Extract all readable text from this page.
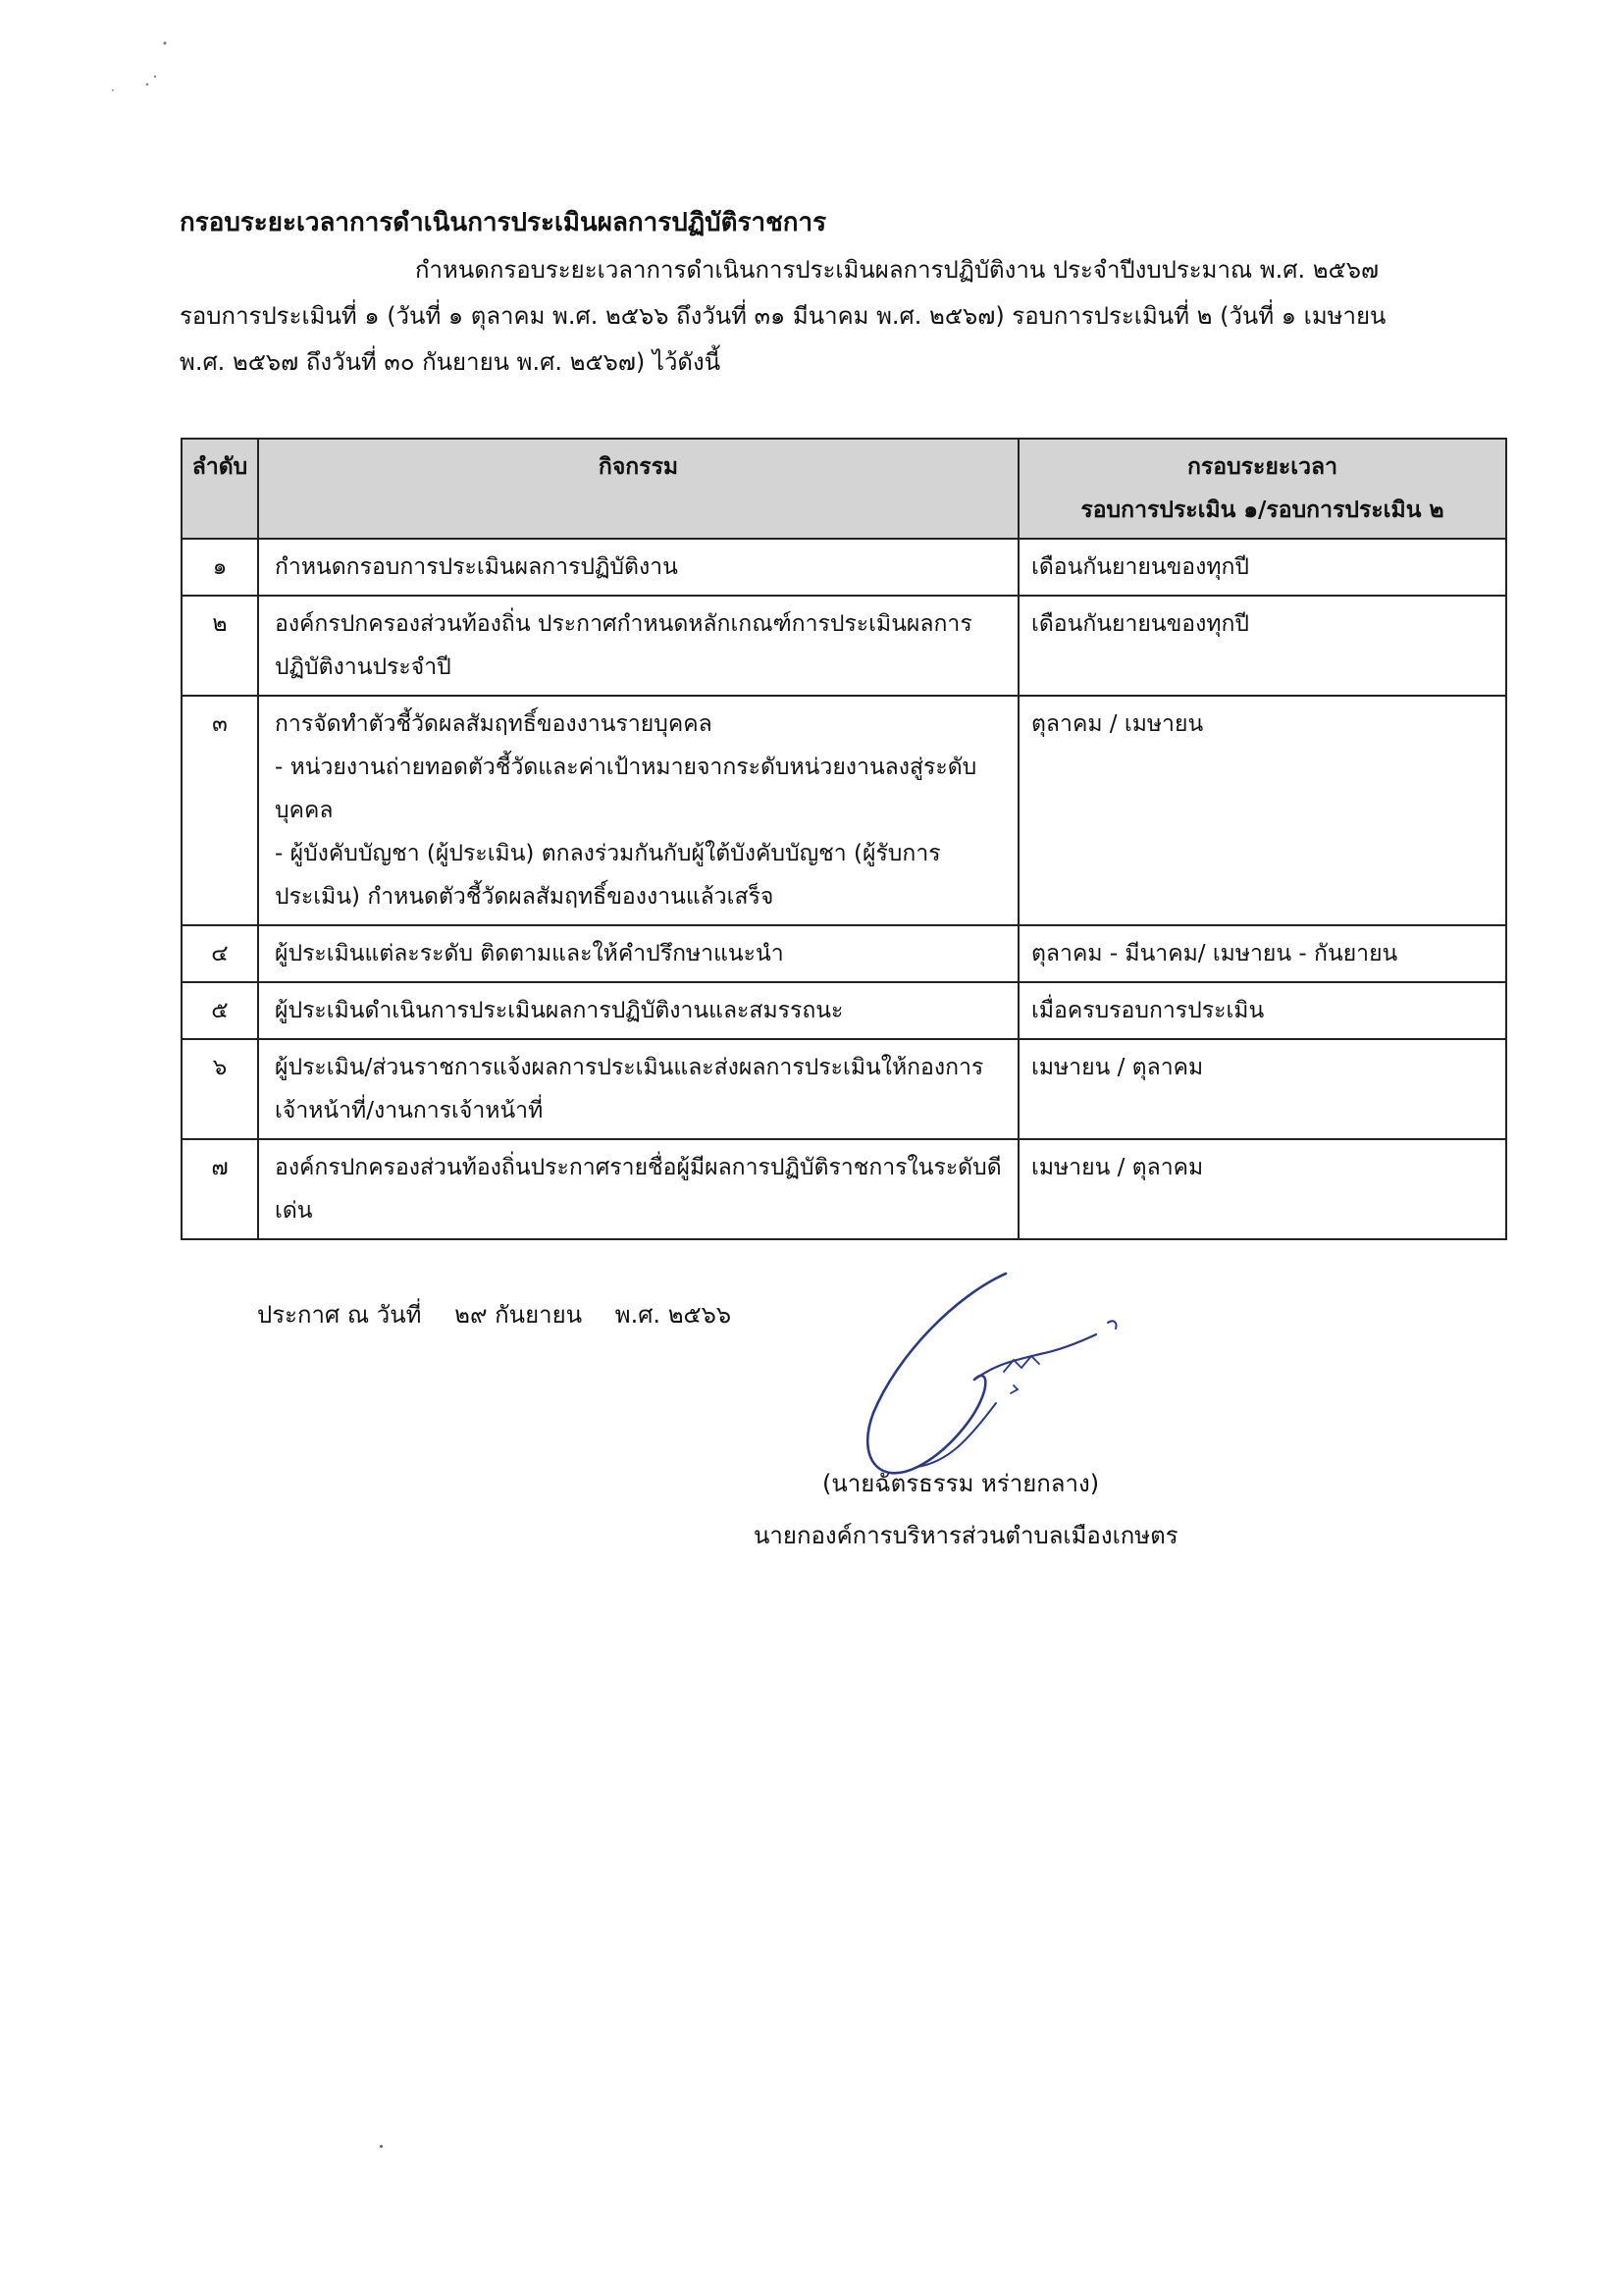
กรอบระยะเวลาการดำเนินการประเมินผลการปฏิบัติราชการ

กำหนดกรอบระยะเวลาการดำเนินการประเมินผลการปฏิบัติงาน ประจำปีงบประมาณ พ.ศ. ๒๕๖๗ รอบการประเมินที่ ๑ (วันที่ ๑ ตุลาคม พ.ศ. ๒๕๖๖ ถึงวันที่ ๓๑ มีนาคม พ.ศ. ๒๕๖๗) รอบการประเมินที่ ๒ (วันที่ ๑ เมษายน พ.ศ. ๒๕๖๗ ถึงวันที่ ๓๐ กันยายน พ.ศ. ๒๕๖๗) ไว้ดังนี้

ลำดับ	กิจกรรม	กรอบระยะเวลา
รอบการประเมิน ๑/รอบการประเมิน ๒

๑	กำหนดกรอบการประเมินผลการปฏิบัติงาน	เดือนกันยายนของทุกปี
๒	องค์กรปกครองส่วนท้องถิ่น ประกาศกำหนดหลักเกณฑ์การประเมินผลการปฏิบัติงานประจำปี	เดือนกันยายนของทุกปี
๓	การจัดทำตัวชี้วัดผลสัมฤทธิ์ของงานรายบุคคล
- หน่วยงานถ่ายทอดตัวชี้วัดและค่าเป้าหมายจากระดับหน่วยงานลงสู่ระดับบุคคล
- ผู้บังคับบัญชา (ผู้ประเมิน) ตกลงร่วมกันกับผู้ใต้บังคับบัญชา (ผู้รับการประเมิน) กำหนดตัวชี้วัดผลสัมฤทธิ์ของงานแล้วเสร็จ	ตุลาคม / เมษายน
๔	ผู้ประเมินแต่ละระดับ ติดตามและให้คำปรึกษาแนะนำ	ตุลาคม - มีนาคม/ เมษายน - กันยายน
๕	ผู้ประเมินดำเนินการประเมินผลการปฏิบัติงานและสมรรถนะ	เมื่อครบรอบการประเมิน
๖	ผู้ประเมิน/ส่วนราชการแจ้งผลการประเมินและส่งผลการประเมินให้กองการเจ้าหน้าที่/งานการเจ้าหน้าที่	เมษายน / ตุลาคม
๗	องค์กรปกครองส่วนท้องถิ่นประกาศรายชื่อผู้มีผลการปฏิบัติราชการในระดับดีเด่น	เมษายน / ตุลาคม
ประกาศ ณ วันที่ ๒๙ กันยายน พ.ศ. ๒๕๖๖
(นายฉัตรธรรม หร่ายกลาง)
นายกองค์การบริหารส่วนตำบลเมืองเกษตร
